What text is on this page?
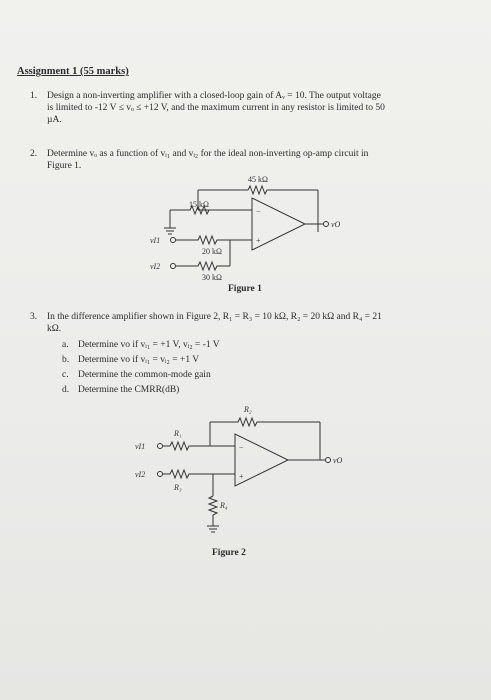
Assignment 1 (55 marks)
1. Design a non-inverting amplifier with a closed-loop gain of Aᵥ = 10. The output voltage
is limited to -12 V ≤ vₒ ≤ +12 V, and the maximum current in any resistor is limited to 50
µA.
2. Determine vₒ as a function of vᵢ₁ and vᵢ₂ for the ideal non-inverting op-amp circuit in
Figure 1.
45 kΩ
−
+
vO
15 kΩ
vI1
20 kΩ
vI2
30 kΩ
Figure 1
3. In the difference amplifier shown in Figure 2, R₁ = R₃ = 10 kΩ, R₂ = 20 kΩ and R₄ = 21
kΩ.
a. Determine vo if vᵢ₁ = +1 V, vᵢ₂ = -1 V
b. Determine vo if vᵢ₁ = vᵢ₂ = +1 V
c. Determine the common-mode gain
d. Determine the CMRR(dB)
R₂
−
+
vO
vI1
R₁
vI2
R₃
R₄
Figure 2
